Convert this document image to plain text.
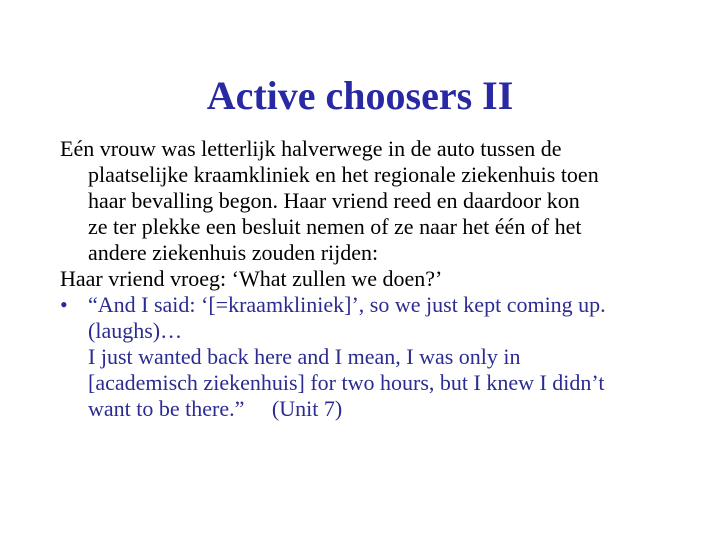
Active choosers II
Eén vrouw was letterlijk halverwege in de auto tussen de
plaatselijke kraamkliniek en het regionale ziekenhuis toen
haar bevalling begon. Haar vriend reed en daardoor kon
ze ter plekke een besluit nemen of ze naar het één of het
andere ziekenhuis zouden rijden:
Haar vriend vroeg: ‘What zullen we doen?’
• “And I said: ‘[=kraamkliniek]’, so we just kept coming up.
(laughs)…
I just wanted back here and I mean, I was only in
[academisch ziekenhuis] for two hours, but I knew I didn’t
want to be there.”     (Unit 7)
